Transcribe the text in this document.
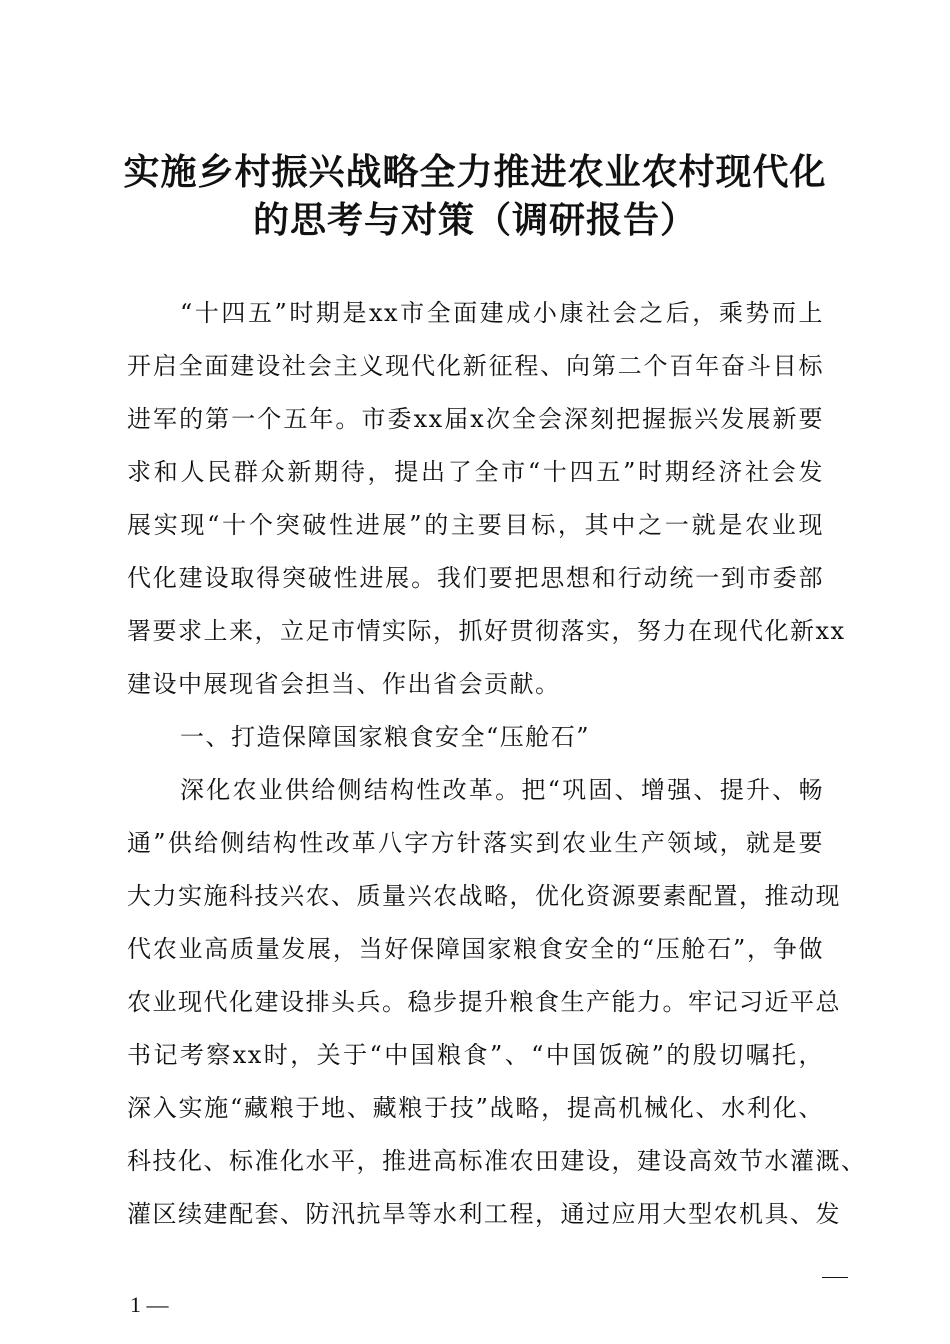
实施乡村振兴战略全力推进农业农村现代化
的思考与对策（调研报告）
“十四五”时期是xx市全面建成小康社会之后，乘势而上
开启全面建设社会主义现代化新征程、向第二个百年奋斗目标
进军的第一个五年。市委xx届x次全会深刻把握振兴发展新要
求和人民群众新期待，提出了全市“十四五”时期经济社会发
展实现“十个突破性进展”的主要目标，其中之一就是农业现
代化建设取得突破性进展。我们要把思想和行动统一到市委部
署要求上来，立足市情实际，抓好贯彻落实，努力在现代化新xx
建设中展现省会担当、作出省会贡献。
一、打造保障国家粮食安全“压舱石”
深化农业供给侧结构性改革。把“巩固、增强、提升、畅
通”供给侧结构性改革八字方针落实到农业生产领域，就是要
大力实施科技兴农、质量兴农战略，优化资源要素配置，推动现
代农业高质量发展，当好保障国家粮食安全的“压舱石”，争做
农业现代化建设排头兵。稳步提升粮食生产能力。牢记习近平总
书记考察xx时，关于“中国粮食”、“中国饭碗”的殷切嘱托，
深入实施“藏粮于地、藏粮于技”战略，提高机械化、水利化、
科技化、标准化水平，推进高标准农田建设，建设高效节水灌溉、
灌区续建配套、防汛抗旱等水利工程，通过应用大型农机具、发
1 —
